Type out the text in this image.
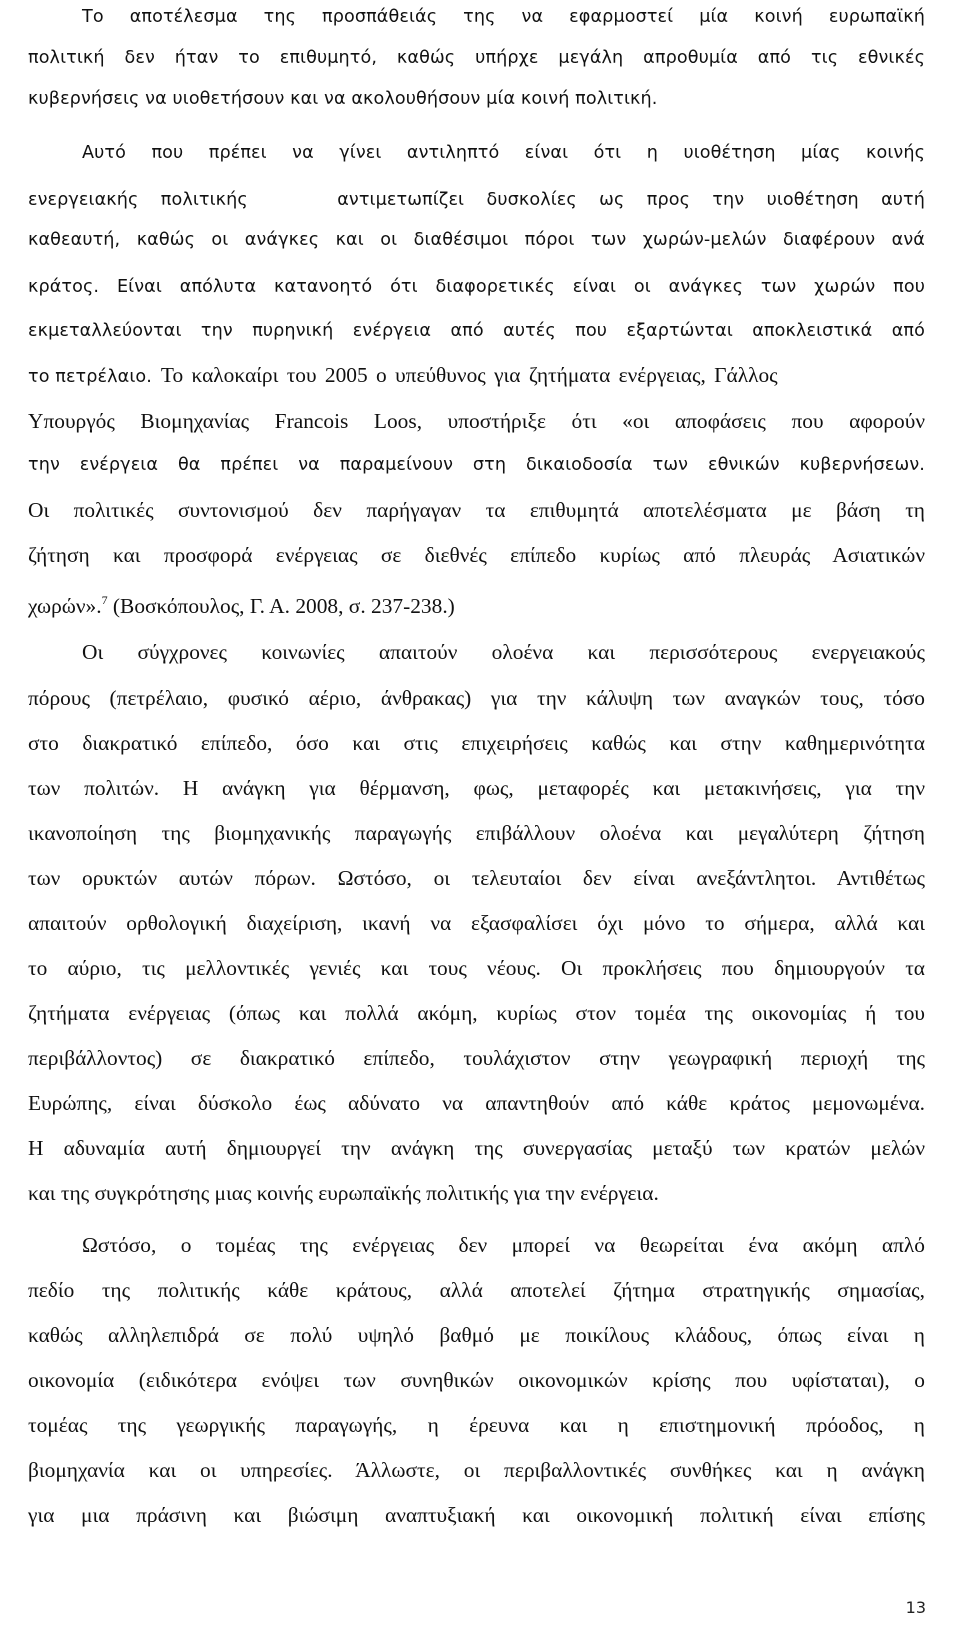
Το αποτέλεσμα της προσπάθειάς της να εφαρμοστεί μία κοινή ευρωπαϊκή
πολιτική δεν ήταν το επιθυμητό, καθώς υπήρχε μεγάλη απροθυμία από τις εθνικές
κυβερνήσεις να υιοθετήσουν και να ακολουθήσουν μία κοινή πολιτική.
Αυτό που πρέπει να γίνει αντιληπτό είναι ότι η υιοθέτηση μίας κοινής
ενεργειακής πολιτικής    αντιμετωπίζει δυσκολίες ως προς την υιοθέτηση αυτή
καθεαυτή, καθώς οι ανάγκες και οι διαθέσιμοι πόροι των χωρών-μελών διαφέρουν ανά
κράτος. Είναι απόλυτα κατανοητό ότι διαφορετικές είναι οι ανάγκες των χωρών που
εκμεταλλεύονται την πυρηνική ενέργεια από αυτές που εξαρτώνται αποκλειστικά από
το πετρέλαιο. Το καλοκαίρι του 2005 ο υπεύθυνος για ζητήματα ενέργειας, Γάλλος
Υπουργός Βιομηχανίας Francois Loos, υποστήριξε ότι «οι αποφάσεις που αφορούν
την ενέργεια θα πρέπει να παραμείνουν στη δικαιοδοσία των εθνικών κυβερνήσεων.
Οι πολιτικές συντονισμού δεν παρήγαγαν τα επιθυμητά αποτελέσματα με βάση τη
ζήτηση και προσφορά ενέργειας σε διεθνές επίπεδο κυρίως από πλευράς Ασιατικών
χωρών».$^7$ (Βοσκόπουλος, Γ. Α. 2008, σ. 237-238.)
Οι σύγχρονες κοινωνίες απαιτούν ολοένα και περισσότερους ενεργειακούς
πόρους (πετρέλαιο, φυσικό αέριο, άνθρακας) για την κάλυψη των αναγκών τους, τόσο
στο διακρατικό επίπεδο, όσο και στις επιχειρήσεις καθώς και στην καθημερινότητα
των πολιτών. Η ανάγκη για θέρμανση, φως, μεταφορές και μετακινήσεις, για την
ικανοποίηση της βιομηχανικής παραγωγής επιβάλλουν ολοένα και μεγαλύτερη ζήτηση
των ορυκτών αυτών πόρων. Ωστόσο, οι τελευταίοι δεν είναι ανεξάντλητοι. Αντιθέτως
απαιτούν ορθολογική διαχείριση, ικανή να εξασφαλίσει όχι μόνο το σήμερα, αλλά και
το αύριο, τις μελλοντικές γενιές και τους νέους. Οι προκλήσεις που δημιουργούν τα
ζητήματα ενέργειας (όπως και πολλά ακόμη, κυρίως στον τομέα της οικονομίας ή του
περιβάλλοντος) σε διακρατικό επίπεδο, τουλάχιστον στην γεωγραφική περιοχή της
Ευρώπης, είναι δύσκολο έως αδύνατο να απαντηθούν από κάθε κράτος μεμονωμένα.
Η αδυναμία αυτή δημιουργεί την ανάγκη της συνεργασίας μεταξύ των κρατών μελών
και της συγκρότησης μιας κοινής ευρωπαϊκής πολιτικής για την ενέργεια.
Ωστόσο, ο τομέας της ενέργειας δεν μπορεί να θεωρείται ένα ακόμη απλό
πεδίο της πολιτικής κάθε κράτους, αλλά αποτελεί ζήτημα στρατηγικής σημασίας,
καθώς αλληλεπιδρά σε πολύ υψηλό βαθμό με ποικίλους κλάδους, όπως είναι η
οικονομία (ειδικότερα ενόψει των συνηθικών οικονομικών κρίσης που υφίσταται), ο
τομέας της γεωργικής παραγωγής, η έρευνα και η επιστημονική πρόοδος, η
βιομηχανία και οι υπηρεσίες. Άλλωστε, οι περιβαλλοντικές συνθήκες και η ανάγκη
για μια πράσινη και βιώσιμη αναπτυξιακή και οικονομική πολιτική είναι επίσης
13
